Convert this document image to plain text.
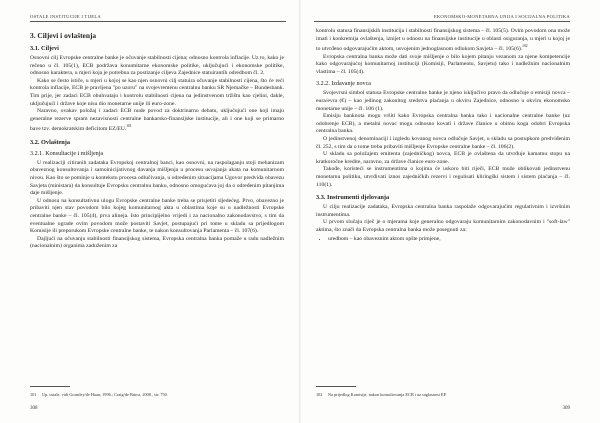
OSTALE INSTITUCIJE I TIJELA
3. Ciljevi i ovlaštenja
3.1. Ciljevi

Osnovni cilj Evropske centralne banke je očuvanje stabilnosti cijena; odnosno kontrola inflacije. Uz to, kako je rečeno u čl. 105(1), ECB podržava konumitarne ekonomske politike, uključujući i ekonomske politike, odnosno karaktera, u mjeri koja je potrebna za postizanje ciljeva Zajednice statuirantih odredbom čl. 2.

Kako se često ističe, u mjeri u kojoj se kao njen osnovni cilj statuira očuvanje stabilnosti cijena, što će reći kontrola inflacije, ECB je pravljena "po uzoru" na svojevremenu centralnu banku SR Njemačke – Bundesbank. Tim prije, jer zadaci ECB obuhvataju i kontrolu stabilnosti cijena na jedinstvenom tržištu kao cjelini, dakle, uključujući i države koje nisu dio monetarne unije ili euro-zone.

Naravno, ovakav položaj i zadaci ECB nude povod za doktrinarno debatu, uključujući one koji imaju generalne rezerve spram nezavisnosti centralne bankarsko-finansijske institucije, ali i one koji se primarno bave tzv. demokratskim deficitom EZ/EU.$^{101}$

3.2. Ovlaštenja
3.2.1. Konsultacije i mišljenja

U realizaciji citiranih zadataka Evropskoj centralnoj banci, kao osnovni, na raspolaganju stoji mehanizam obaveznog konsultovanja i samoinicijativnog davanja mišljenja u procesu usvajanja akata na komunitarnom nivou. Kao što se pominje u kontekstu procesa odlučivanja, u određenim situacijama Ugovor predviđa obavezu Savjeta (ministara) da konsultuje Evropsku centralnu banku, odnosno omogućava joj da o određenim pitanjima daje mišljenje.

U odnosu na konsultativnu ulogu Evropske centralne banke treba se prisjetiti sljedećeg. Prvo, obavezno je pribaviti njen stav povodom bilo kojeg komunitarnog akta u oblastima koje su u nadležnosti Evropske centralne banke – čl. 105(4), prva alineja. Isto principijelno vrijedi i za nacionalno zakonodavstvo, s tim da eventualne ograde ovim povodom može postaviti Savjet, postupajući pri tome u skladu sa prijedlogom Komisije ili preporukom Evropske centralne banke, te nakon konsultovanja Parlamenta – čl. 107(6).

Dajljući na očuvanju stabilnosti finansijskog sistema, Evropska centralna banka pomaže u radu nadležnim (nacionalnim) organima zaduženim za

101 Up. ostale, vidi Gormley/de Haan, 1996.; Craig/de Búrca, 2008., str. 750.
308
EKONOMSKO-MONETARNA UNIJA I SOCIJALNA POLITIKA

kontrolu statusa finansijskih institucija i stabilnosti finansijskog sistema – čl. 105(5). Ovim povodom ona može imati i konkretnija ovlaštenja, iznijet u odnosu na finansijske institucije u oblasti osiguranja, u mjeri u kojoj je to utvrđeno odgovarajućim aktom, usvojenim jednoglasnom odlukom Savjeta – čl. 105(6).$^{102}$

Evropska centralna banka može dati svoje mišljenje o bilo kojem pitanju vezanom za njene kompetencije kako odgovarajućoj komunitarnoj instituciji (Komisiji, Parlamentu, Savjetu) tako i nadležnim nacionalnim vlastima – čl. 105(4).

3.2.2. Izdavanje novca

Svojevrsni simbol statusa Evropske centralne banke je njeno isključivo pravo da odlučuje o emisiji novca – eura/evra (€) – kao jedinog zakonitog sredstva plaćanja u okviru Zajednice, odnosno u okviru ekonomsko monetarne unije – čl. 106 (1).

Emisiju banknota mogu vršiti kako Evropska centralna banka tako i nacionalne centralne banke (uz odobrenje ECB), a metalni novac mogu odnosno kovati i države članice u obimu koga odobri Evropska centralna banka.

O jedinstvenoj denominaciji i izgledu kovanog novca odlučuje Savjet, u skladu sa postupkom predviđenim čl. 252, s tim da o tome treba pribaviti mišljenje Evropske centralne banke – čl. 106(2).

U skladu sa položajem emitenta (zajedničkog) novca, ECB je ovlaštena da utvrđuje kamatnu stopu na kratkoročne kredite, naravno, za države članice euro-zone.

Takođe, koristeći se instrumentima o kojima će uskoro biti riječi, ECB može oblikovati jedinstvenu monetarnu politiku, utvrđivati iznos zajedničkih rezervi i regulisati kliringški sistem i sistem plaćanja – čl. 110(1).

3.3. Instrumenti djelovanja

U cilju realizacije zadataka, Evropska centralna banka raspolaže odgovarajućim regulativnim i izvršnim instrumentima.

U prvom slučaju riječ je o mjerama koje generalno odgovaraju komunitarnim zakonodavnim i "soft-law" aktima, što znači da Evropska centralna banka može posegnuti za:

• uredbom – kao obaveznim aktom opšte primjene,
102 Na prijedlog Komisije, nakon konsultovanja ECB i uz saglasnost EP.
309
